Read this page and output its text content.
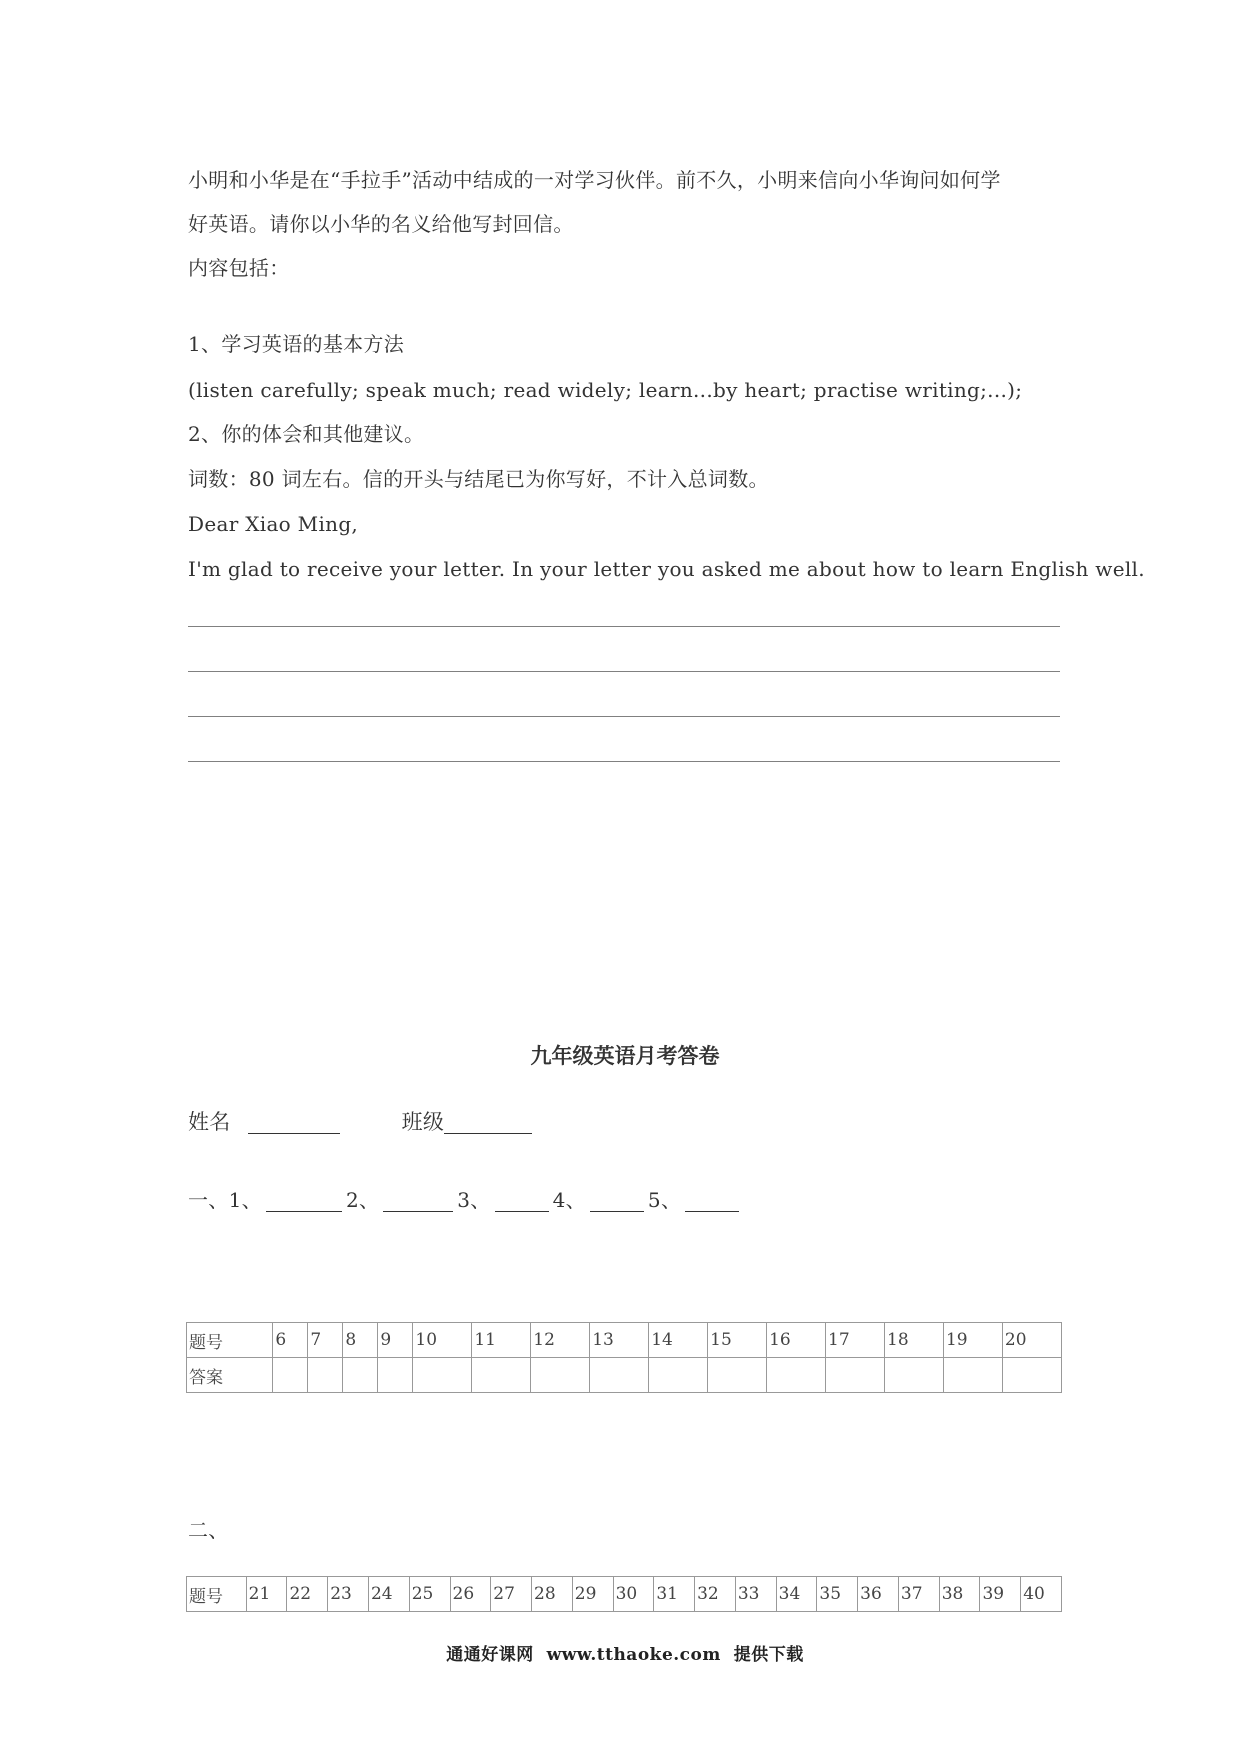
小明和小华是在“手拉手”活动中结成的一对学习伙伴。前不久，小明来信向小华询问如何学
好英语。请你以小华的名义给他写封回信。
内容包括：
1、学习英语的基本方法
(listen carefully; speak much; read widely; learn...by heart; practise writing;...);
2、你的体会和其他建议。
词数：80 词左右。信的开头与结尾已为你写好，不计入总词数。
Dear Xiao Ming,
I'm glad to receive your letter. In your letter you asked me about how to learn English well.
九年级英语月考答卷
姓名	班级
一、1、	2、	3、	4、	5、
题号	6	7	8	9	10	11	12	13	14	15	16	17	18	19	20
答案															
二、
题号	21	22	23	24	25	26	27	28	29	30	31	32	33	34	35	36	37	38	39	40
通通好课网  www.tthaoke.com  提供下载
